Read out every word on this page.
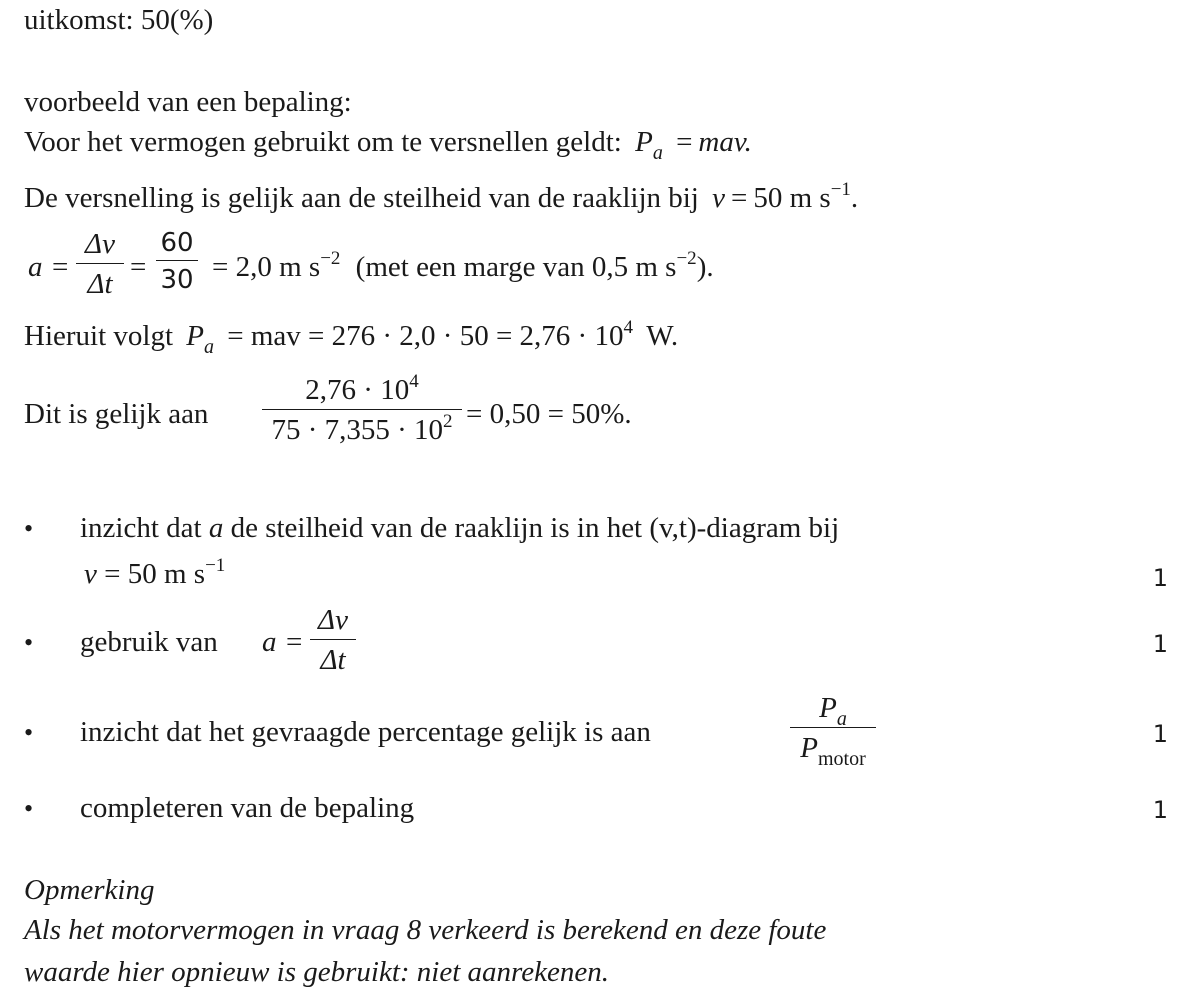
uitkomst: 50(%)
voorbeeld van een bepaling:
Voor het vermogen gebruikt om te versnellen geldt: $P_a$ = mav.
De versnelling is gelijk aan de steilheid van de raaklijn bij v = 50 m $s^{-1}$.
a =
Δv
Δt
=
60
30 = 2,0 m $s^{-2}$ (met een marge van 0,5 m $s^{-2}$).
Hieruit volgt $P_a$ = mav = $276 \cdot 2,0 \cdot 50 = 2,76 \cdot 10^4$ W.
Dit is gelijk aan
$2,76 \cdot 10^4$
$75 \cdot 7,355 \cdot 10^2 = 0,50 = 50\%$.
• inzicht dat a de steilheid van de raaklijn is in het (v,t)-diagram bij
v = 50 m $s^{-1}$	1
• gebruik van a =
Δv
Δt	1
• inzicht dat het gevraagde percentage gelijk is aan
$P_a$
$P_{motor}$
1
• completeren van de bepaling	1
Opmerking
Als het motorvermogen in vraag 8 verkeerd is berekend en deze foute
waarde hier opnieuw is gebruikt: niet aanrekenen.
